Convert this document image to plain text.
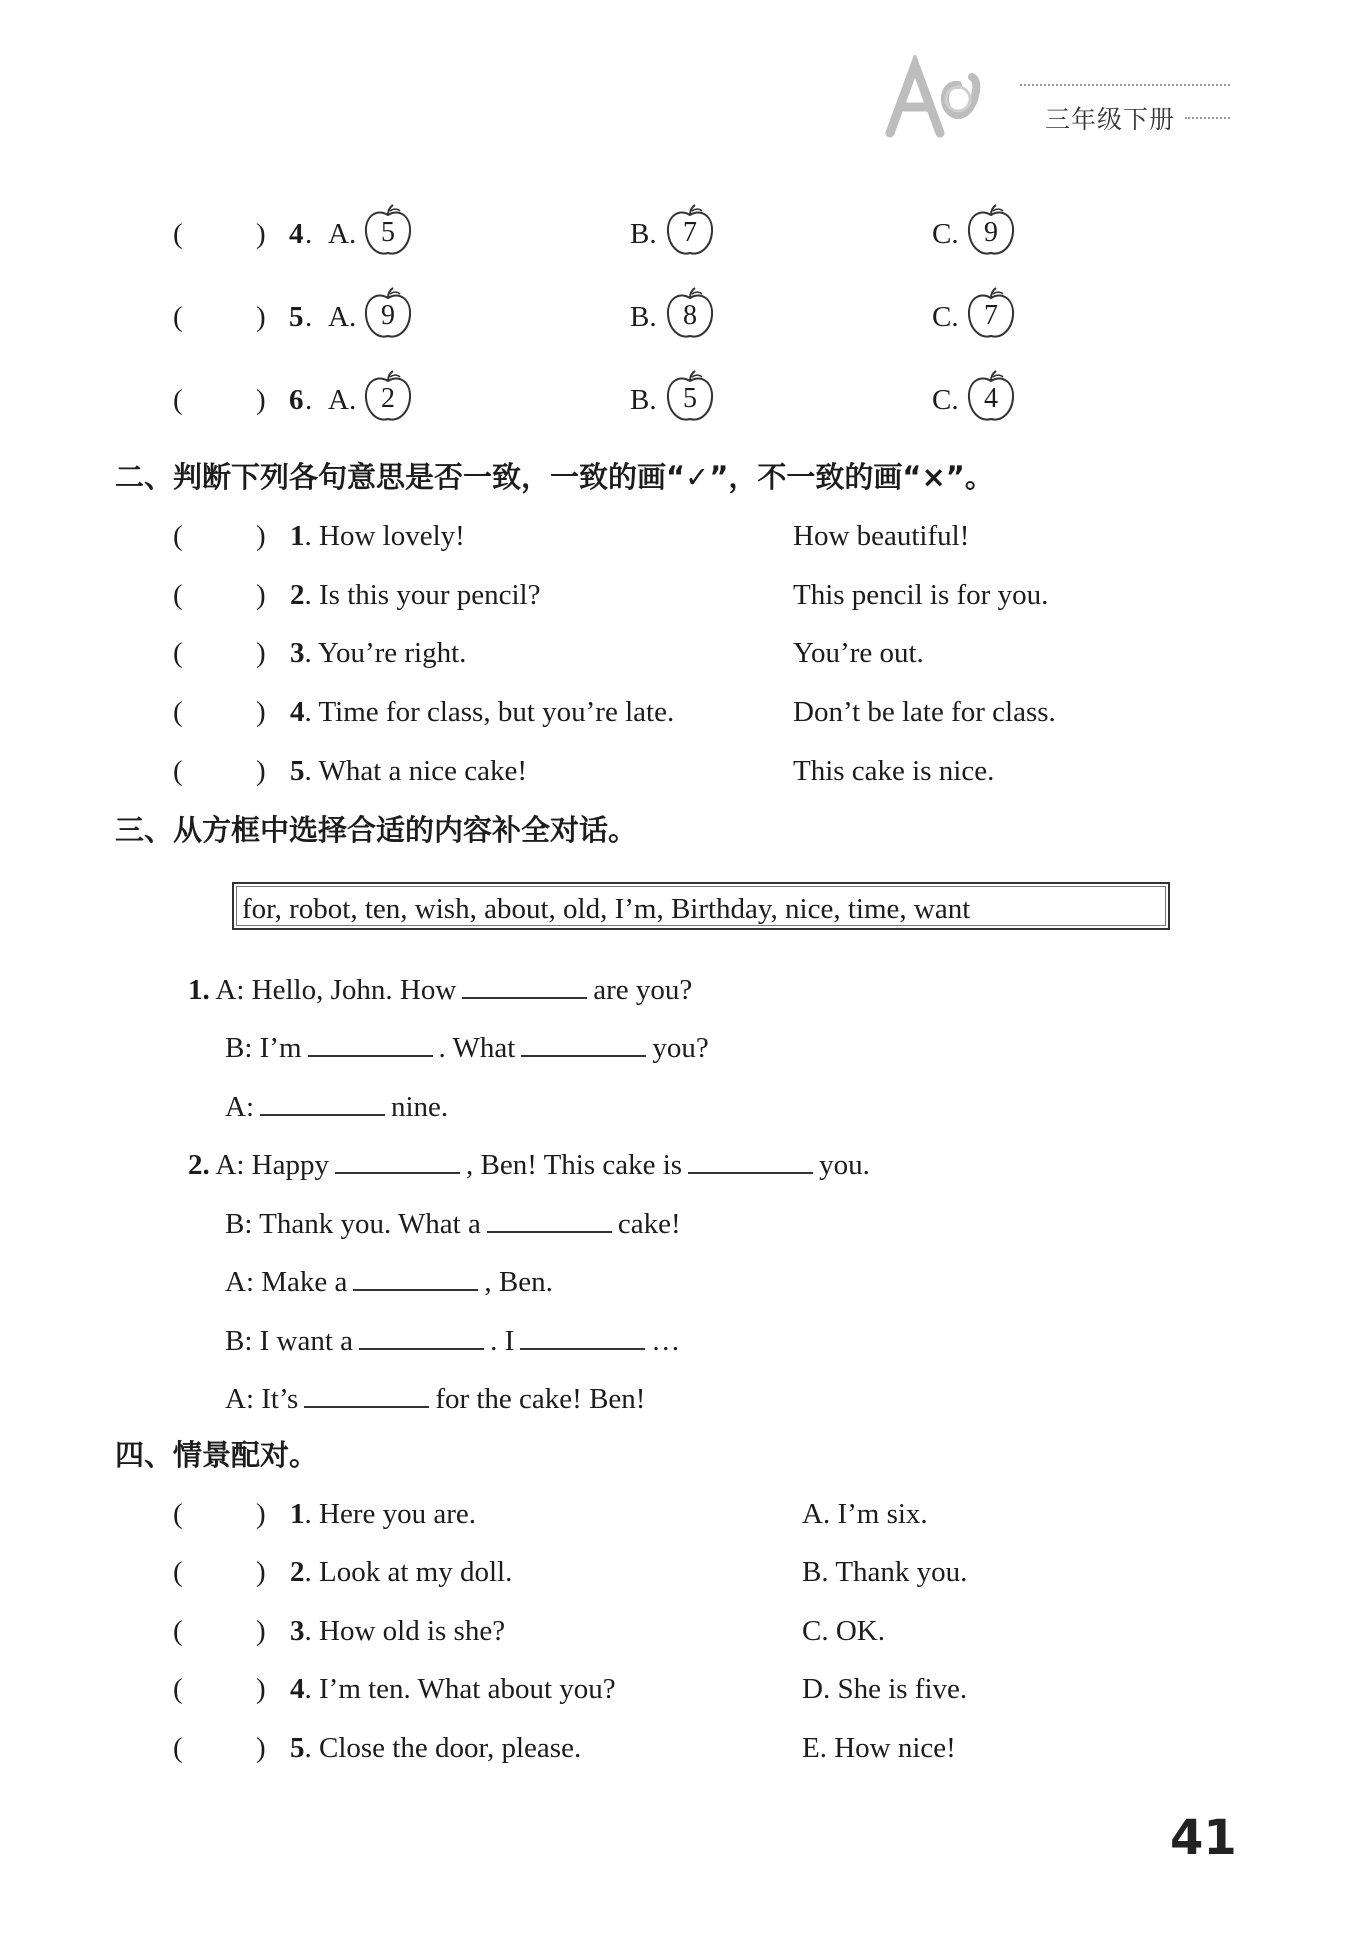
三年级下册
(	) 4 . A. 5	B. 7	C. 9
(	) 5 . A. 9	B. 8	C. 7
(	) 6 . A. 2	B. 5	C. 4
二、判断下列各句意思是否一致，一致的画“✓”，不一致的画“×”。
(	) 1. How lovely!	How beautiful!
(	) 2. Is this your pencil?	This pencil is for you.
(	) 3. You’re right.	You’re out.
(	) 4. Time for class, but you’re late.	Don’t be late for class.
(	) 5. What a nice cake!	This cake is nice.
三、从方框中选择合适的内容补全对话。
for, robot, ten, wish, about, old, I’m, Birthday, nice, time, want
1. A: Hello, John. How	are you?
B: I’m	. What	you?
A:	nine.
2. A: Happy	, Ben! This cake is	you.
B: Thank you. What a	cake!
A: Make a	, Ben.
B: I want a	. I	…
A: It’s	for the cake! Ben!
四、情景配对。
(	) 1. Here you are.	A. I’m six.
(	) 2. Look at my doll.	B. Thank you.
(	) 3. How old is she?	C. OK.
(	) 4. I’m ten. What about you?	D. She is five.
(	) 5. Close the door, please.	E. How nice!
41
